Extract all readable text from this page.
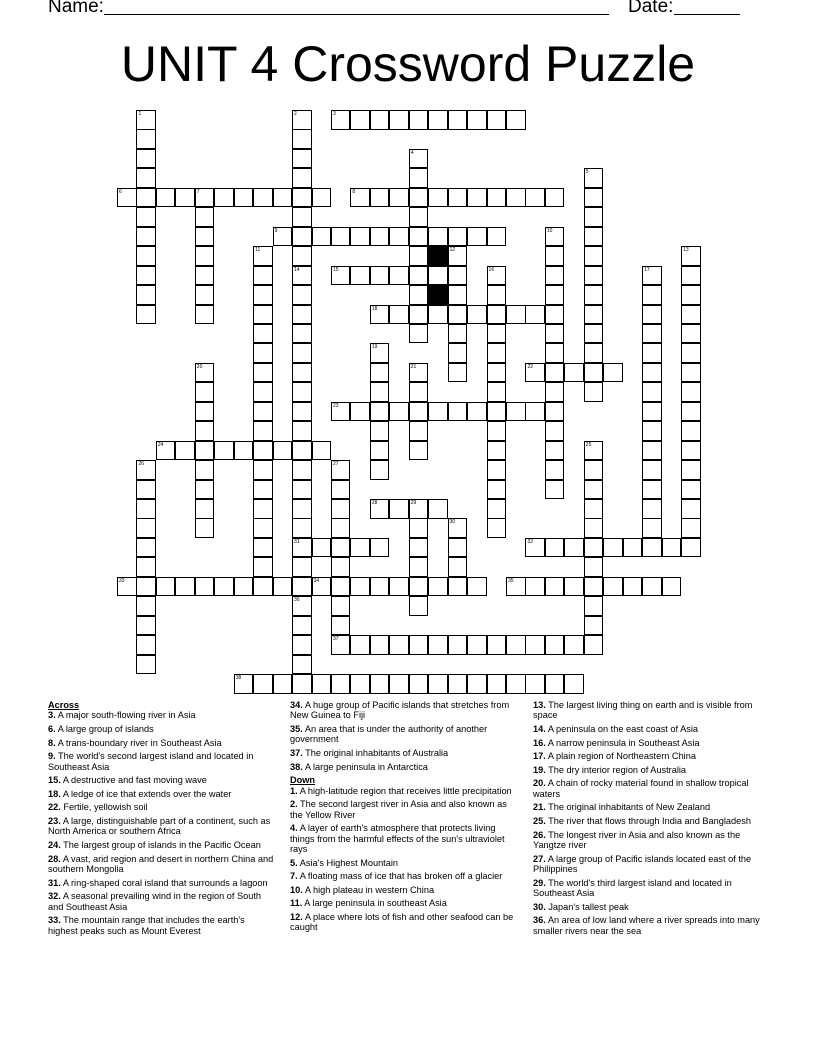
Name:	Date:
UNIT 4 Crossword Puzzle
1	2
14
31
36
3
4
5
6	7	8
9	10
11	12	13
15	16	17
18
19
20	21	22
23
24	25
26	27
28	29
30
32
33	34	35
37
38
Across
3. A major south-flowing river in Asia
6. A large group of islands
8. A trans-boundary river in Southeast Asia
9. The world's second largest island and located in Southeast Asia
15. A destructive and fast moving wave
18. A ledge of ice that extends over the water
22. Fertile, yellowish soil
23. A large, distinguishable part of a continent, such as North America or southern Africa
24. The largest group of islands in the Pacific Ocean
28. A vast, arid region and desert in northern China and southern Mongolia
31. A ring-shaped coral island that surrounds a lagoon
32. A seasonal prevailing wind in the region of South and Southeast Asia
33. The mountain range that includes the earth's highest peaks such as Mount Everest
34. A huge group of Pacific islands that stretches from New Guinea to Fiji
35. An area that is under the authority of another government
37. The original inhabitants of Australia
38. A large peninsula in Antarctica
Down
1. A high-latitude region that receives little precipitation
2. The second largest river in Asia and also known as the Yellow River
4. A layer of earth's atmosphere that protects living things from the harmful effects of the sun's ultraviolet rays
5. Asia's Highest Mountain
7. A floating mass of ice that has broken off a glacier
10. A high plateau in western China
11. A large peninsula in southeast Asia
12. A place where lots of fish and other seafood can be caught
13. The largest living thing on earth and is visible from space
14. A peninsula on the east coast of Asia
16. A narrow peninsula in Southeast Asia
17. A plain region of Northeastern China
19. The dry interior region of Australia
20. A chain of rocky material found in shallow tropical waters
21. The original inhabitants of New Zealand
25. The river that flows through India and Bangladesh
26. The longest river in Asia and also known as the Yangtze river
27. A large group of Pacific islands located east of the Philippines
29. The world's third largest island and located in Southeast Asia
30. Japan's tallest peak
36. An area of low land where a river spreads into many smaller rivers near the sea
